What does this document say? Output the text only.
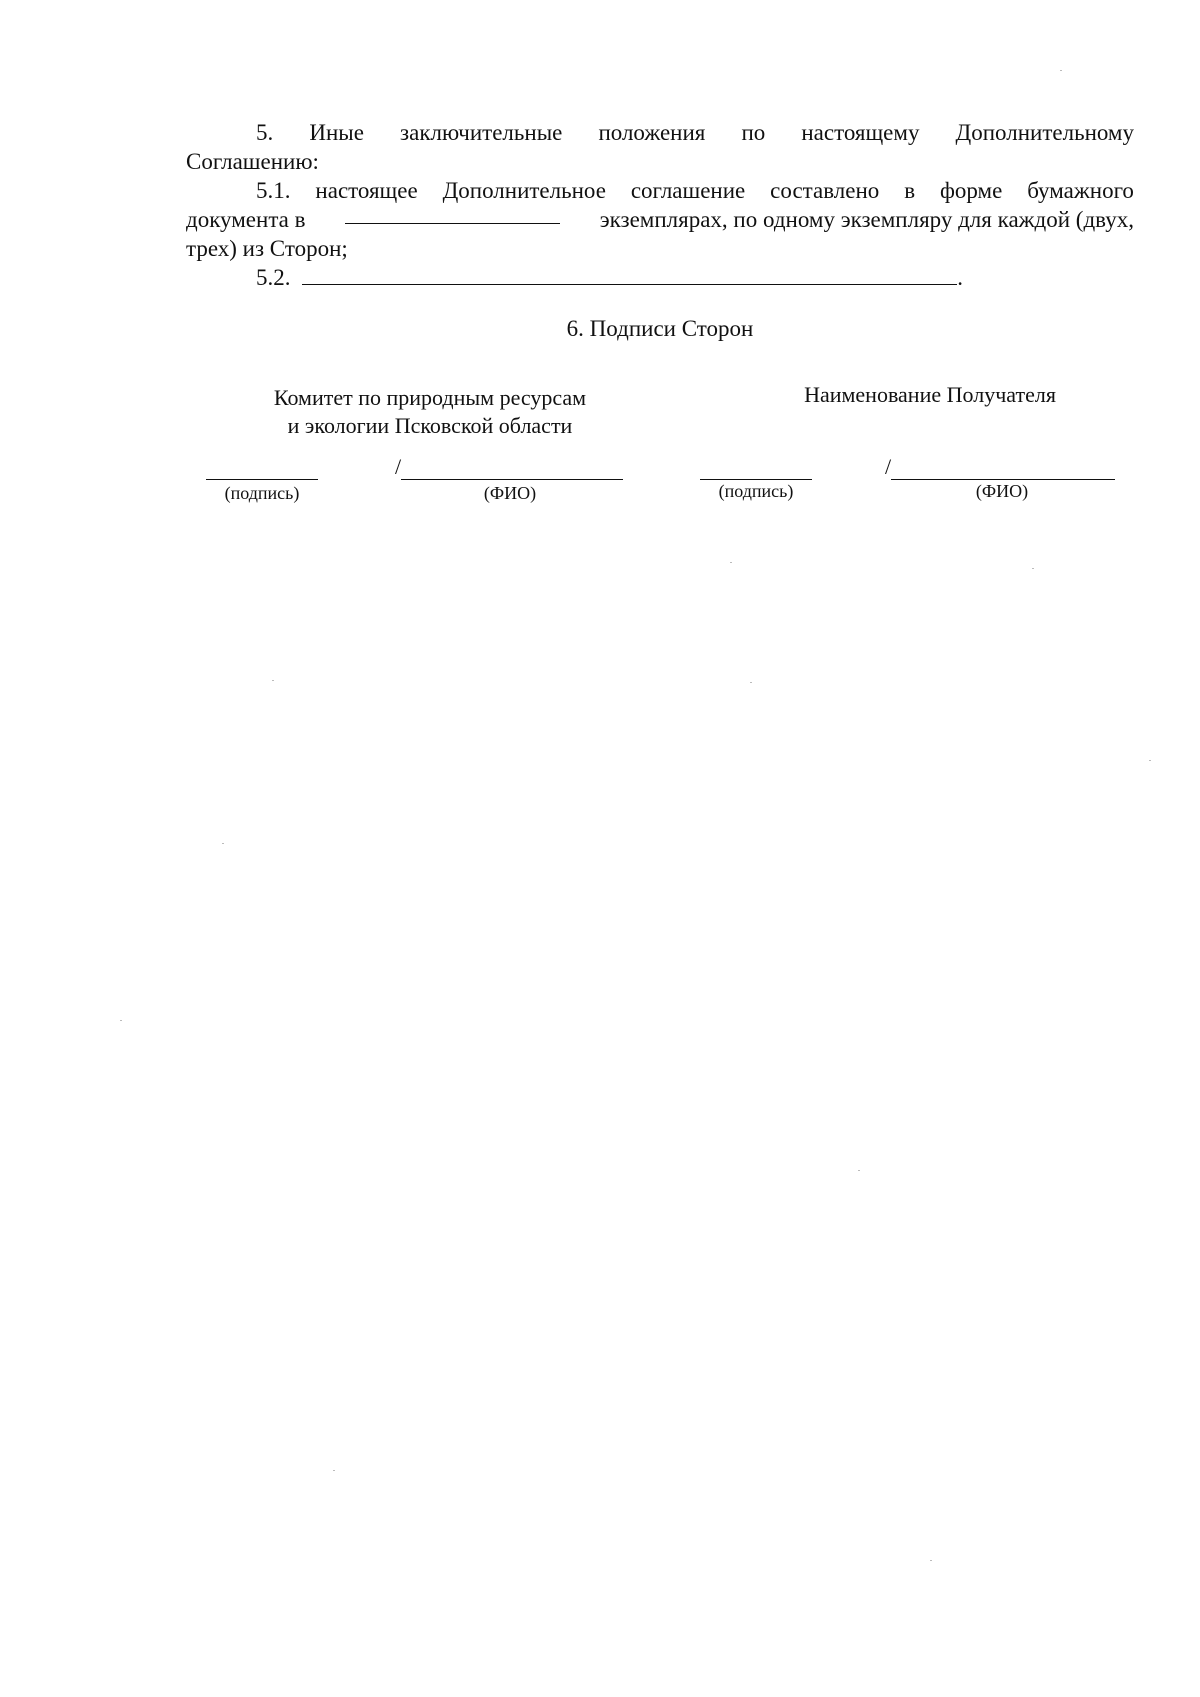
5. Иные заключительные положения по настоящему Дополнительному
Соглашению:
5.1. настоящее Дополнительное соглашение составлено в форме бумажного
документа в	экземплярах, по одному экземпляру для каждой (двух,
трех) из Сторон;
5.2.	.
6. Подписи Сторон
Комитет по природным ресурсам
и экологии Псковской области
Наименование Получателя
/
(подпись)	(ФИО)
/
(подпись)	(ФИО)
